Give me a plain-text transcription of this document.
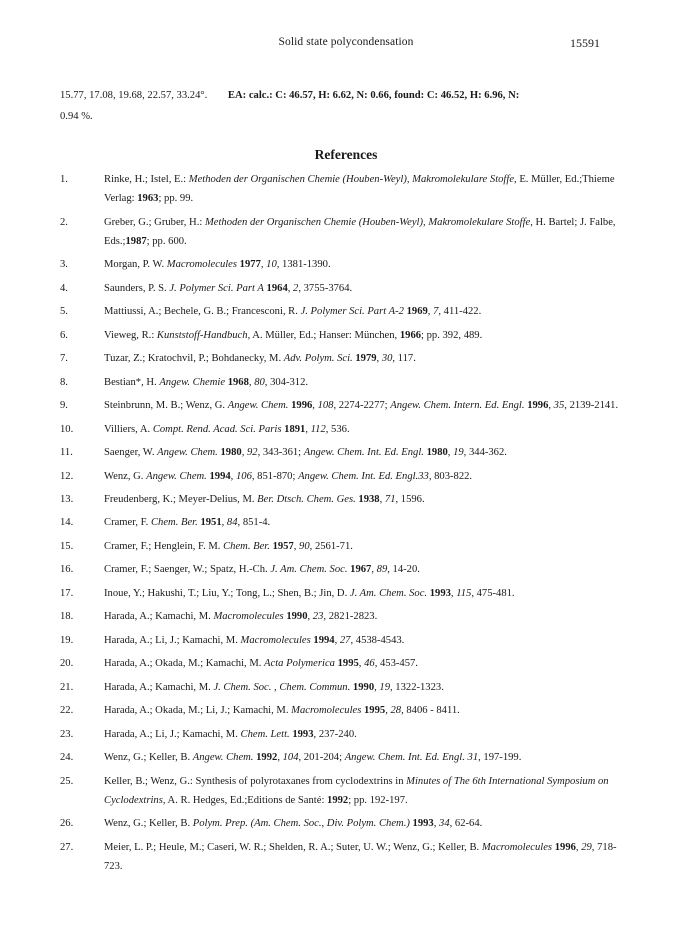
Solid state polycondensation	15591
15.77, 17.08, 19.68, 22.57, 33.24°. EA: calc.: C: 46.57, H: 6.62, N: 0.66, found: C: 46.52, H: 6.96, N:
0.94 %.
References
1.	Rinke, H.; Istel, E.: Methoden der Organischen Chemie (Houben-Weyl), Makromolekulare Stoffe, E. Müller, Ed.;Thieme Verlag: 1963; pp. 99.
2.	Greber, G.; Gruber, H.: Methoden der Organischen Chemie (Houben-Weyl), Makromolekulare Stoffe, H. Bartel; J. Falbe, Eds.;1987; pp. 600.
3.	Morgan, P. W. Macromolecules 1977, 10, 1381-1390.
4.	Saunders, P. S. J. Polymer Sci. Part A 1964, 2, 3755-3764.
5.	Mattiussi, A.; Bechele, G. B.; Francesconi, R. J. Polymer Sci. Part A-2 1969, 7, 411-422.
6.	Vieweg, R.: Kunststoff-Handbuch, A. Müller, Ed.; Hanser: München, 1966; pp. 392, 489.
7.	Tuzar, Z.; Kratochvil, P.; Bohdanecky, M. Adv. Polym. Sci. 1979, 30, 117.
8.	Bestian*, H. Angew. Chemie 1968, 80, 304-312.
9.	Steinbrunn, M. B.; Wenz, G. Angew. Chem. 1996, 108, 2274-2277; Angew. Chem. Intern. Ed. Engl. 1996, 35, 2139-2141.
10.	Villiers, A. Compt. Rend. Acad. Sci. Paris 1891, 112, 536.
11.	Saenger, W. Angew. Chem. 1980, 92, 343-361; Angew. Chem. Int. Ed. Engl. 1980, 19, 344-362.
12.	Wenz, G. Angew. Chem. 1994, 106, 851-870; Angew. Chem. Int. Ed. Engl.33, 803-822.
13.	Freudenberg, K.; Meyer-Delius, M. Ber. Dtsch. Chem. Ges. 1938, 71, 1596.
14.	Cramer, F. Chem. Ber. 1951, 84, 851-4.
15.	Cramer, F.; Henglein, F. M. Chem. Ber. 1957, 90, 2561-71.
16.	Cramer, F.; Saenger, W.; Spatz, H.-Ch. J. Am. Chem. Soc. 1967, 89, 14-20.
17.	Inoue, Y.; Hakushi, T.; Liu, Y.; Tong, L.; Shen, B.; Jin, D. J. Am. Chem. Soc. 1993, 115, 475-481.
18.	Harada, A.; Kamachi, M. Macromolecules 1990, 23, 2821-2823.
19.	Harada, A.; Li, J.; Kamachi, M. Macromolecules 1994, 27, 4538-4543.
20.	Harada, A.; Okada, M.; Kamachi, M. Acta Polymerica 1995, 46, 453-457.
21.	Harada, A.; Kamachi, M. J. Chem. Soc. , Chem. Commun. 1990, 19, 1322-1323.
22.	Harada, A.; Okada, M.; Li, J.; Kamachi, M. Macromolecules 1995, 28, 8406 - 8411.
23.	Harada, A.; Li, J.; Kamachi, M. Chem. Lett. 1993, 237-240.
24.	Wenz, G.; Keller, B. Angew. Chem. 1992, 104, 201-204; Angew. Chem. Int. Ed. Engl. 31, 197-199.
25.	Keller, B.; Wenz, G.: Synthesis of polyrotaxanes from cyclodextrins in Minutes of The 6th International Symposium on Cyclodextrins, A. R. Hedges, Ed.;Editions de Santé: 1992; pp. 192-197.
26.	Wenz, G.; Keller, B. Polym. Prep. (Am. Chem. Soc., Div. Polym. Chem.) 1993, 34, 62-64.
27.	Meier, L. P.; Heule, M.; Caseri, W. R.; Shelden, R. A.; Suter, U. W.; Wenz, G.; Keller, B. Macromolecules 1996, 29, 718-723.
